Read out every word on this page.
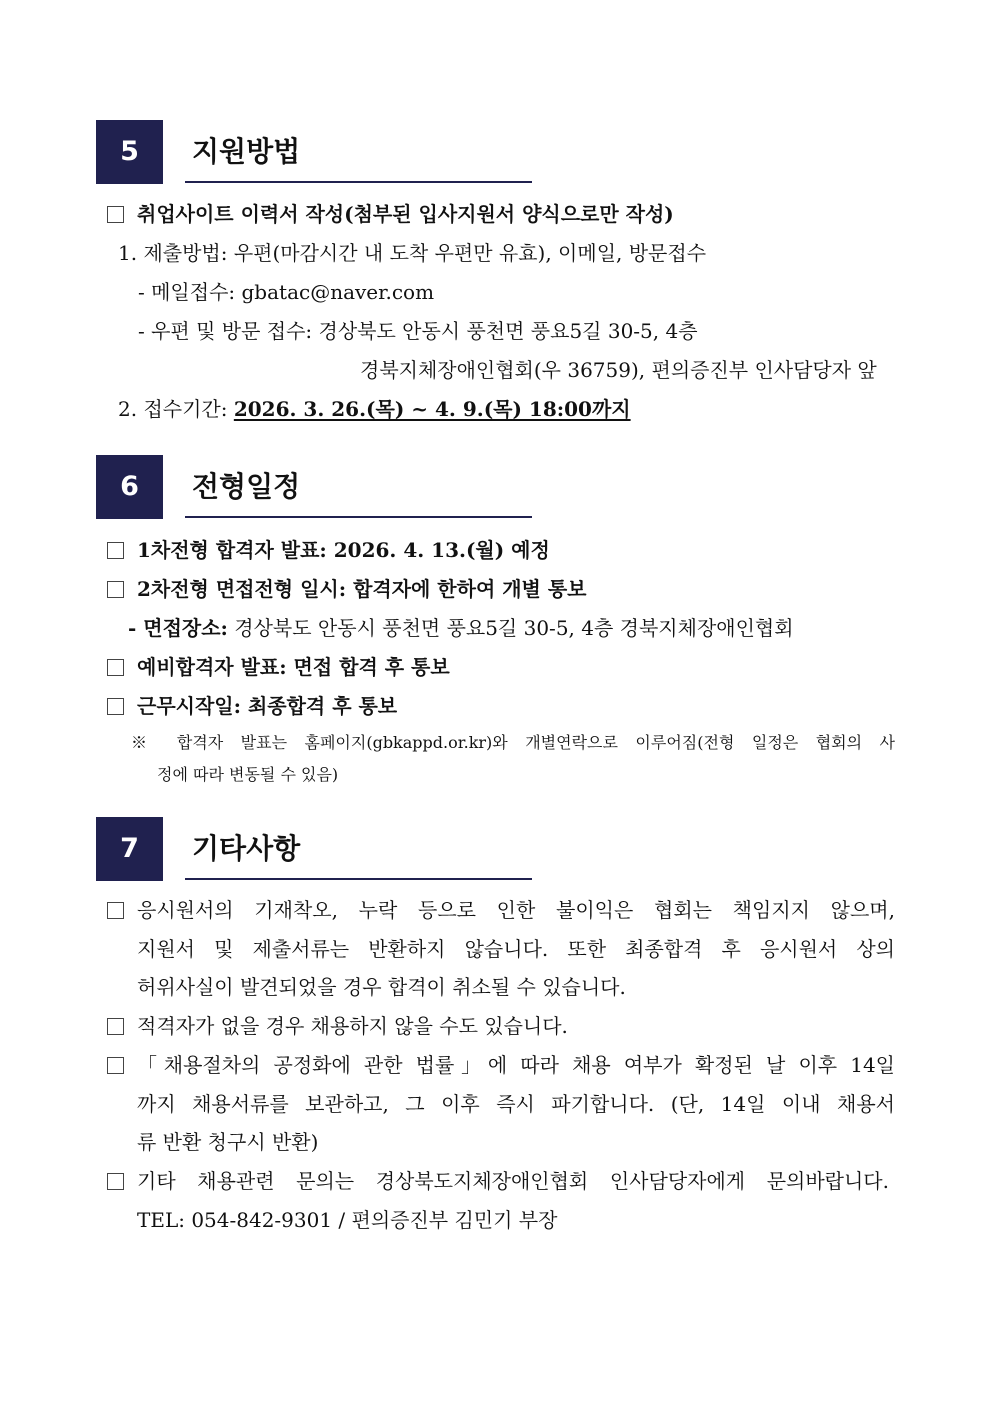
5	지원방법
취업사이트 이력서 작성(첨부된 입사지원서 양식으로만 작성)
1. 제출방법: 우편(마감시간 내 도착 우편만 유효), 이메일, 방문접수
- 메일접수: gbatac@naver.com
- 우편 및 방문 접수: 경상북도 안동시 풍천면 풍요5길 30-5, 4층
경북지체장애인협회(우 36759), 편의증진부 인사담당자 앞
2. 접수기간: 2026. 3. 26.(목) ~ 4. 9.(목) 18:00까지
6	전형일정
1차전형 합격자 발표: 2026. 4. 13.(월) 예정
2차전형 면접전형 일시: 합격자에 한하여 개별 통보
- 면접장소: 경상북도 안동시 풍천면 풍요5길 30-5, 4층 경북지체장애인협회
예비합격자 발표: 면접 합격 후 통보
근무시작일: 최종합격 후 통보
※ 합격자 발표는 홈페이지(gbkappd.or.kr)와 개별연락으로 이루어짐(전형 일정은 협회의 사
정에 따라 변동될 수 있음)
7	기타사항
응시원서의 기재착오, 누락 등으로 인한 불이익은 협회는 책임지지 않으며,
지원서 및 제출서류는 반환하지 않습니다. 또한 최종합격 후 응시원서 상의
허위사실이 발견되었을 경우 합격이 취소될 수 있습니다.
적격자가 없을 경우 채용하지 않을 수도 있습니다.
「채용절차의 공정화에 관한 법률」에 따라 채용 여부가 확정된 날 이후 14일
까지 채용서류를 보관하고, 그 이후 즉시 파기합니다. (단, 14일 이내 채용서
류 반환 청구시 반환)
기타 채용관련 문의는 경상북도지체장애인협회 인사담당자에게 문의바랍니다.
TEL: 054-842-9301 / 편의증진부 김민기 부장
